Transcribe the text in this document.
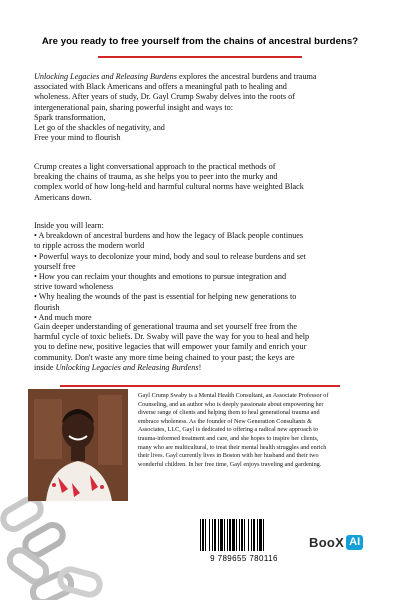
Are you ready to free yourself from the chains of ancestral burdens?
Unlocking Legacies and Releasing Burdens explores the ancestral burdens and trauma
associated with Black Americans and offers a meaningful path to healing and
wholeness. After years of study, Dr. Gayl Crump Swaby delves into the roots of
intergenerational pain, sharing powerful insight and ways to:
Spark transformation,
Let go of the shackles of negativity, and
Free your mind to flourish
Crump creates a light conversational approach to the practical methods of
breaking the chains of trauma, as she helps you to peer into the murky and
complex world of how long-held and harmful cultural norms have weighted Black
Americans down.
Inside you will learn:
• A breakdown of ancestral burdens and how the legacy of Black people continues
to ripple across the modern world
• Powerful ways to decolonize your mind, body and soul to release burdens and set
yourself free
• How you can reclaim your thoughts and emotions to pursue integration and
strive toward wholeness
• Why healing the wounds of the past is essential for helping new generations to
flourish
• And much more
Gain deeper understanding of generational trauma and set yourself free from the
harmful cycle of toxic beliefs. Dr. Swaby will pave the way for you to heal and help
you to define new, positive legacies that will empower your family and enrich your
community. Don't waste any more time being chained to your past; the keys are
inside Unlocking Legacies and Releasing Burdens!
Gayl Crump Swaby is a Mental Health Consultant, an Associate Professor of
Counseling, and an author who is deeply passionate about empowering her
diverse range of clients and helping them to heal generational trauma and
embrace wholeness. As the founder of New Generation Consultants &
Associates, LLC, Gayl is dedicated to offering a radical new approach to
trauma-informed treatment and care, and she hopes to inspire her clients,
many who are multicultural, to treat their mental health struggles and enrich
their lives. Gayl currently lives in Boston with her husband and their two
wonderful children. In her free time, Gayl enjoys traveling and gardening.
9 789655 780116
BooX AI
